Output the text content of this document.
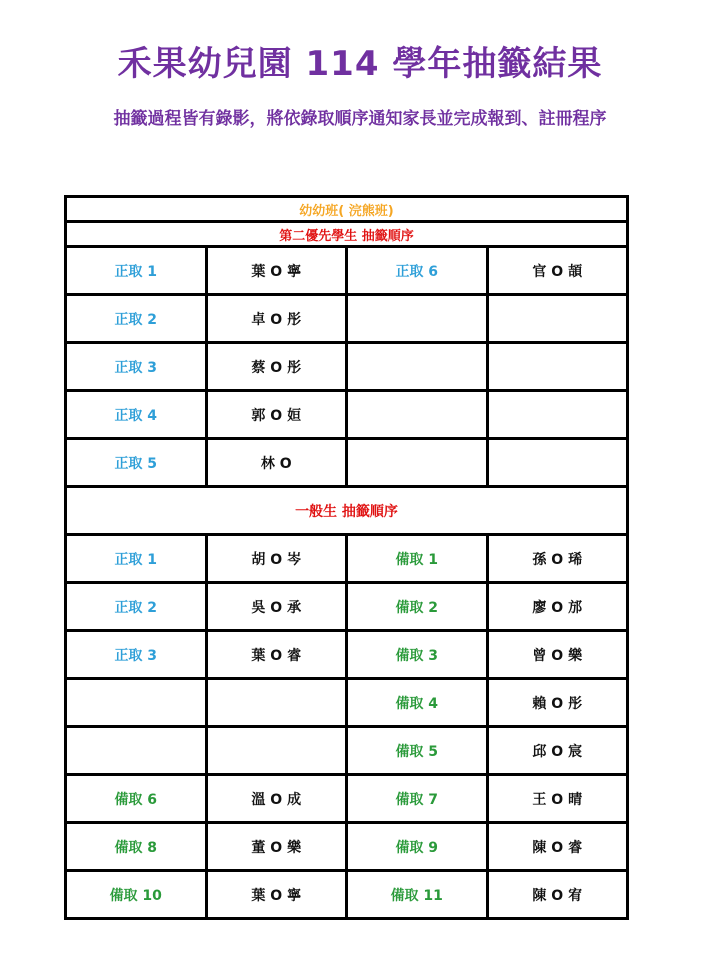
禾果幼兒園 114 學年抽籤結果
抽籤過程皆有錄影，將依錄取順序通知家長並完成報到、註冊程序
幼幼班( 浣熊班)			
第二優先學生 抽籤順序			
正取 1	葉 O 寧	正取 6	官 O 頡
正取 2	卓 O 彤		
正取 3	蔡 O 彤		
正取 4	郭 O 姮		
正取 5	林 O		
一般生 抽籤順序			
正取 1	胡 O 岑	備取 1	孫 O 琋
正取 2	吳 O 承	備取 2	廖 O 邡
正取 3	葉 O 睿	備取 3	曾 O 樂
		備取 4	賴 O 彤
		備取 5	邱 O 宸
備取 6	溫 O 成	備取 7	王 O 晴
備取 8	董 O 樂	備取 9	陳 O 睿
備取 10	葉 O 寧	備取 11	陳 O 宥
